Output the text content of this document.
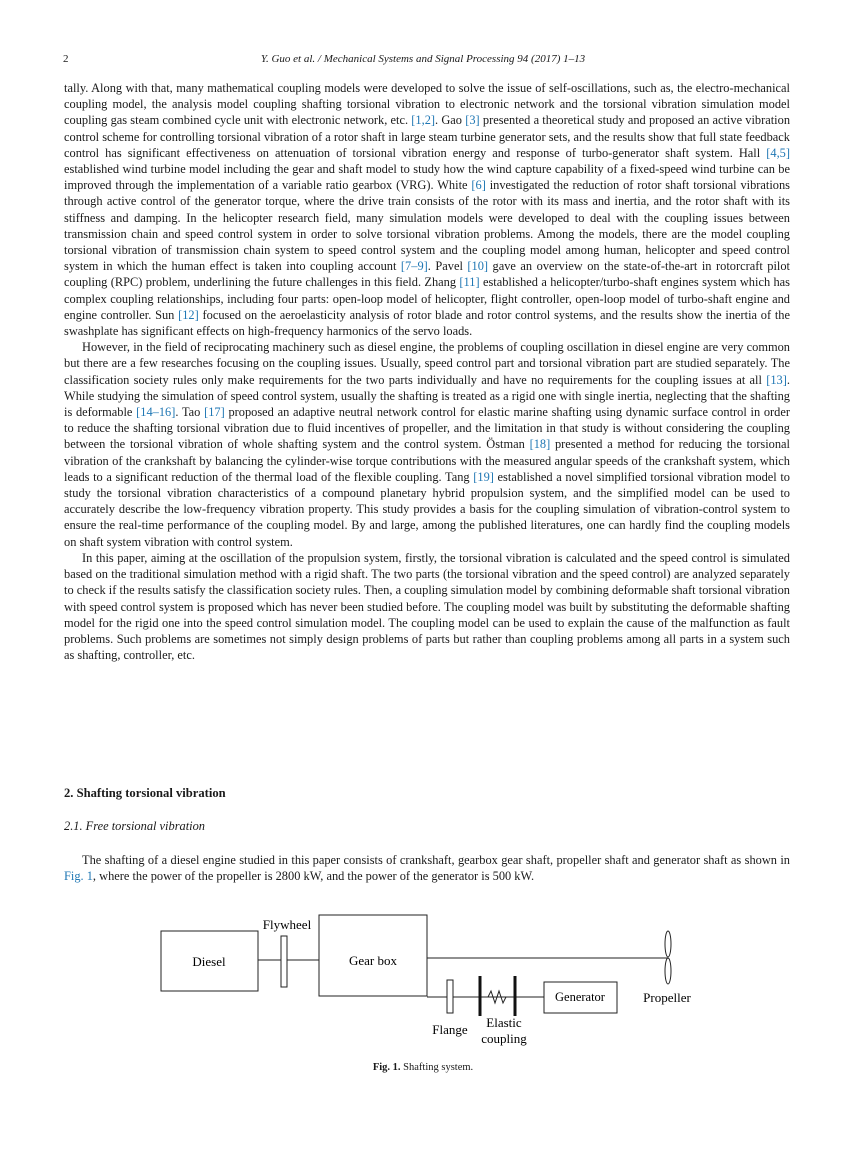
2	Y. Guo et al. / Mechanical Systems and Signal Processing 94 (2017) 1–13

tally. Along with that, many mathematical coupling models were developed to solve the issue of self-oscillations, such as, the electro-mechanical coupling model, the analysis model coupling shafting torsional vibration to electronic network and the torsional vibration simulation model coupling gas steam combined cycle unit with electronic network, etc. [1,2]. Gao [3] presented a theoretical study and proposed an active vibration control scheme for controlling torsional vibration of a rotor shaft in large steam turbine generator sets, and the results show that full state feedback control has significant effectiveness on attenuation of torsional vibration energy and response of turbo-generator shaft system. Hall [4,5] established wind turbine model including the gear and shaft model to study how the wind capture capability of a fixed-speed wind turbine can be improved through the implementation of a variable ratio gearbox (VRG). White [6] investigated the reduction of rotor shaft torsional vibrations through active control of the generator torque, where the drive train consists of the rotor with its mass and inertia, and the rotor shaft with its stiffness and damping. In the helicopter research field, many simulation models were developed to deal with the coupling issues between transmission chain and speed control system in order to solve torsional vibration problems. Among the models, there are the model coupling torsional vibration of transmission chain system to speed control system and the coupling model among human, helicopter and speed control system in which the human effect is taken into coupling account [7–9]. Pavel [10] gave an overview on the state-of-the-art in rotorcraft pilot coupling (RPC) problem, underlining the future challenges in this field. Zhang [11] established a helicopter/turbo-shaft engines system which has complex coupling relationships, including four parts: open-loop model of helicopter, flight controller, open-loop model of turbo-shaft engine and engine controller. Sun [12] focused on the aeroelasticity analysis of rotor blade and rotor control systems, and the results show the inertia of the swashplate has significant effects on high-frequency harmonics of the servo loads.

However, in the field of reciprocating machinery such as diesel engine, the problems of coupling oscillation in diesel engine are very common but there are a few researches focusing on the coupling issues. Usually, speed control part and torsional vibration part are studied separately. The classification society rules only make requirements for the two parts individually and have no requirements for the coupling issues at all [13]. While studying the simulation of speed control system, usually the shafting is treated as a rigid one with single inertia, neglecting that the shafting is deformable [14–16]. Tao [17] proposed an adaptive neutral network control for elastic marine shafting using dynamic surface control in order to reduce the shafting torsional vibration due to fluid incentives of propeller, and the limitation in that study is without considering the coupling between the torsional vibration of whole shafting system and the control system. Östman [18] presented a method for reducing the torsional vibration of the crankshaft by balancing the cylinder-wise torque contributions with the measured angular speeds of the crankshaft system, which leads to a significant reduction of the thermal load of the flexible coupling. Tang [19] established a novel simplified torsional vibration model to study the torsional vibration characteristics of a compound planetary hybrid propulsion system, and the simplified model can be used to accurately describe the low-frequency vibration property. This study provides a basis for the coupling simulation of vibration-control system to ensure the real-time performance of the coupling model. By and large, among the published literatures, one can hardly find the coupling models on shaft system vibration with control system.

In this paper, aiming at the oscillation of the propulsion system, firstly, the torsional vibration is calculated and the speed control is simulated based on the traditional simulation method with a rigid shaft. The two parts (the torsional vibration and the speed control) are analyzed separately to check if the results satisfy the classification society rules. Then, a coupling simulation model by combining deformable shaft torsional vibration with speed control system is proposed which has never been studied before. The coupling model was built by substituting the deformable shafting model for the rigid one into the speed control simulation model. The coupling model can be used to explain the cause of the malfunction as fault problems. Such problems are sometimes not simply design problems of parts but rather than coupling problems among all parts in a system such as shafting, controller, etc.

2. Shafting torsional vibration
2.1. Free torsional vibration
The shafting of a diesel engine studied in this paper consists of crankshaft, gearbox gear shaft, propeller shaft and generator shaft as shown in Fig. 1, where the power of the propeller is 2800 kW, and the power of the generator is 500 kW.
Diesel
Flywheel
Gear box
Propeller
Flange Elastic
coupling
Generator
Fig. 1. Shafting system.
